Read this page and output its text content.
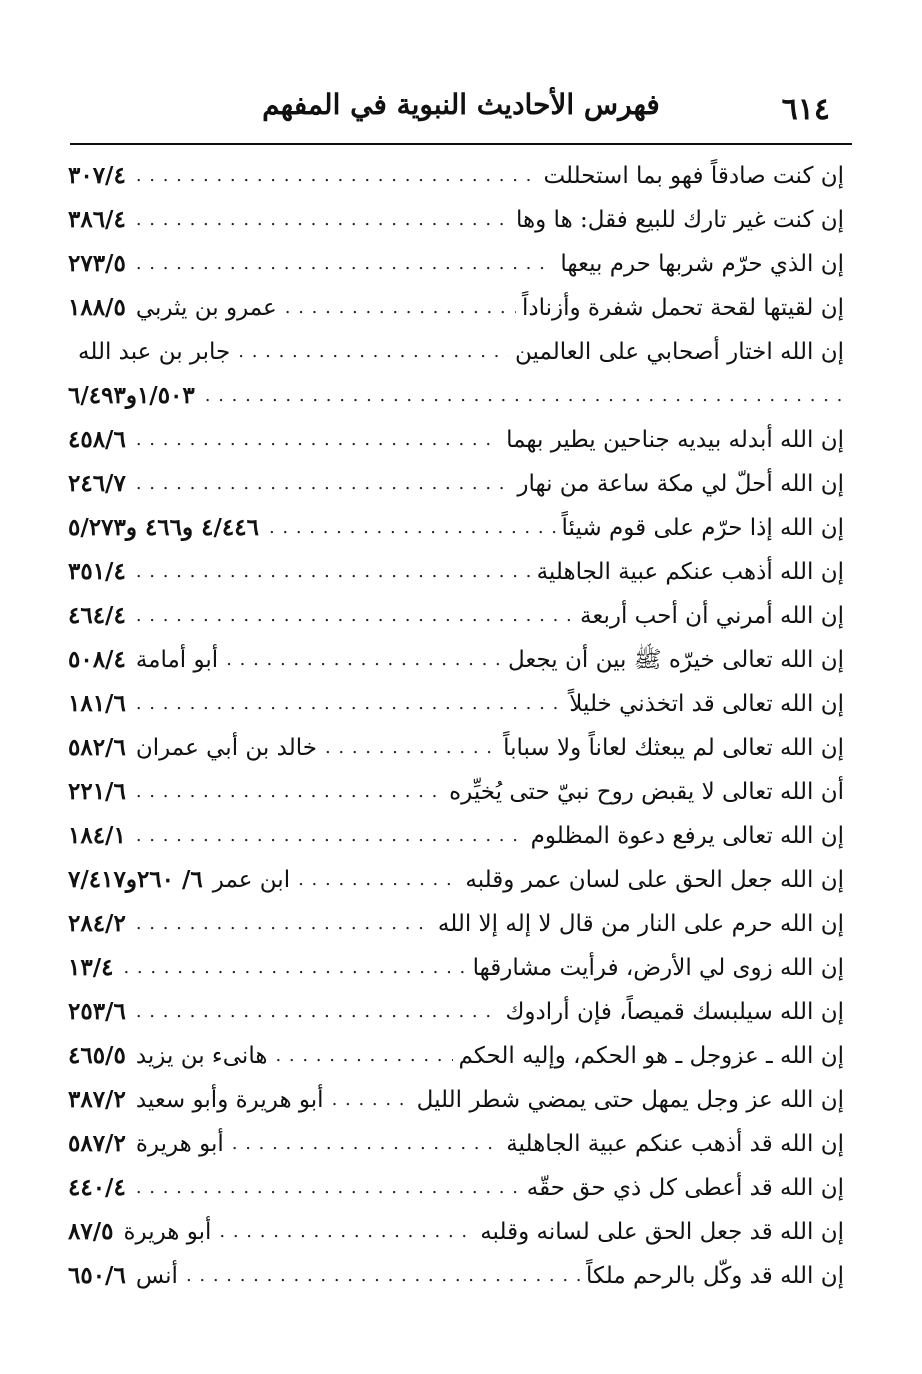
٦١٤
فهرس الأحاديث النبوية في المفهم
إن كنت صادقاً فهو بما استحللت
. . .
٣٠٧/٤
إن كنت غير تارك للبيع فقل: ها وها
. . .
٣٨٦/٤
إن الذي حرّم شربها حرم بيعها
. . .
٢٧٣/٥
إن لقيتها لقحة تحمل شفرة وأزناداً
. . .
عمرو بن يثربي
١٨٨/٥
إن الله اختار أصحابي على العالمين
. . .
جابر بن عبد الله
. . .
١/٥٠٣و٦/٤٩٣
إن الله أبدله بيديه جناحين يطير بهما
. . .
٤٥٨/٦
إن الله أحلّ لي مكة ساعة من نهار
. . .
٢٤٦/٧
إن الله إذا حرّم على قوم شيئاً
. . .
٤/٤٤٦ و٤٦٦ و٥/٢٧٣
إن الله أذهب عنكم عبية الجاهلية
. . .
٣٥١/٤
إن الله أمرني أن أحب أربعة
. . .
٤٦٤/٤
إن الله تعالى خيرّه ﷺ بين أن يجعل
. . .
أبو أمامة
٥٠٨/٤
إن الله تعالى قد اتخذني خليلاً
. . .
١٨١/٦
إن الله تعالى لم يبعثك لعاناً ولا سباباً
. . .
خالد بن أبي عمران
٥٨٢/٦
أن الله تعالى لا يقبض روح نبيّ حتى يُخيِّره
. . .
٢٢١/٦
إن الله تعالى يرفع دعوة المظلوم
. . .
١٨٤/١
إن الله جعل الحق على لسان عمر وقلبه
. . .
ابن عمر
٦/ ٢٦٠و٧/٤١٧
إن الله حرم على النار من قال لا إله إلا الله
. . .
٢٨٤/٢
إن الله زوى لي الأرض، فرأيت مشارقها
. . .
١٣/٤
إن الله سيلبسك قميصاً، فإن أرادوك
. . .
٢٥٣/٦
إن الله ـ عزوجل ـ هو الحكم، وإليه الحكم
. . .
هانىء بن يزيد
٤٦٥/٥
إن الله عز وجل يمهل حتى يمضي شطر الليل
. . .
أبو هريرة وأبو سعيد
٣٨٧/٢
إن الله قد أذهب عنكم عبية الجاهلية
. . .
أبو هريرة
٥٨٧/٢
إن الله قد أعطى كل ذي حق حقّه
. . .
٤٤٠/٤
إن الله قد جعل الحق على لسانه وقلبه
. . .
أبو هريرة
٨٧/٥
إن الله قد وكّل بالرحم ملكاً
. . .
أنس
٦٥٠/٦
